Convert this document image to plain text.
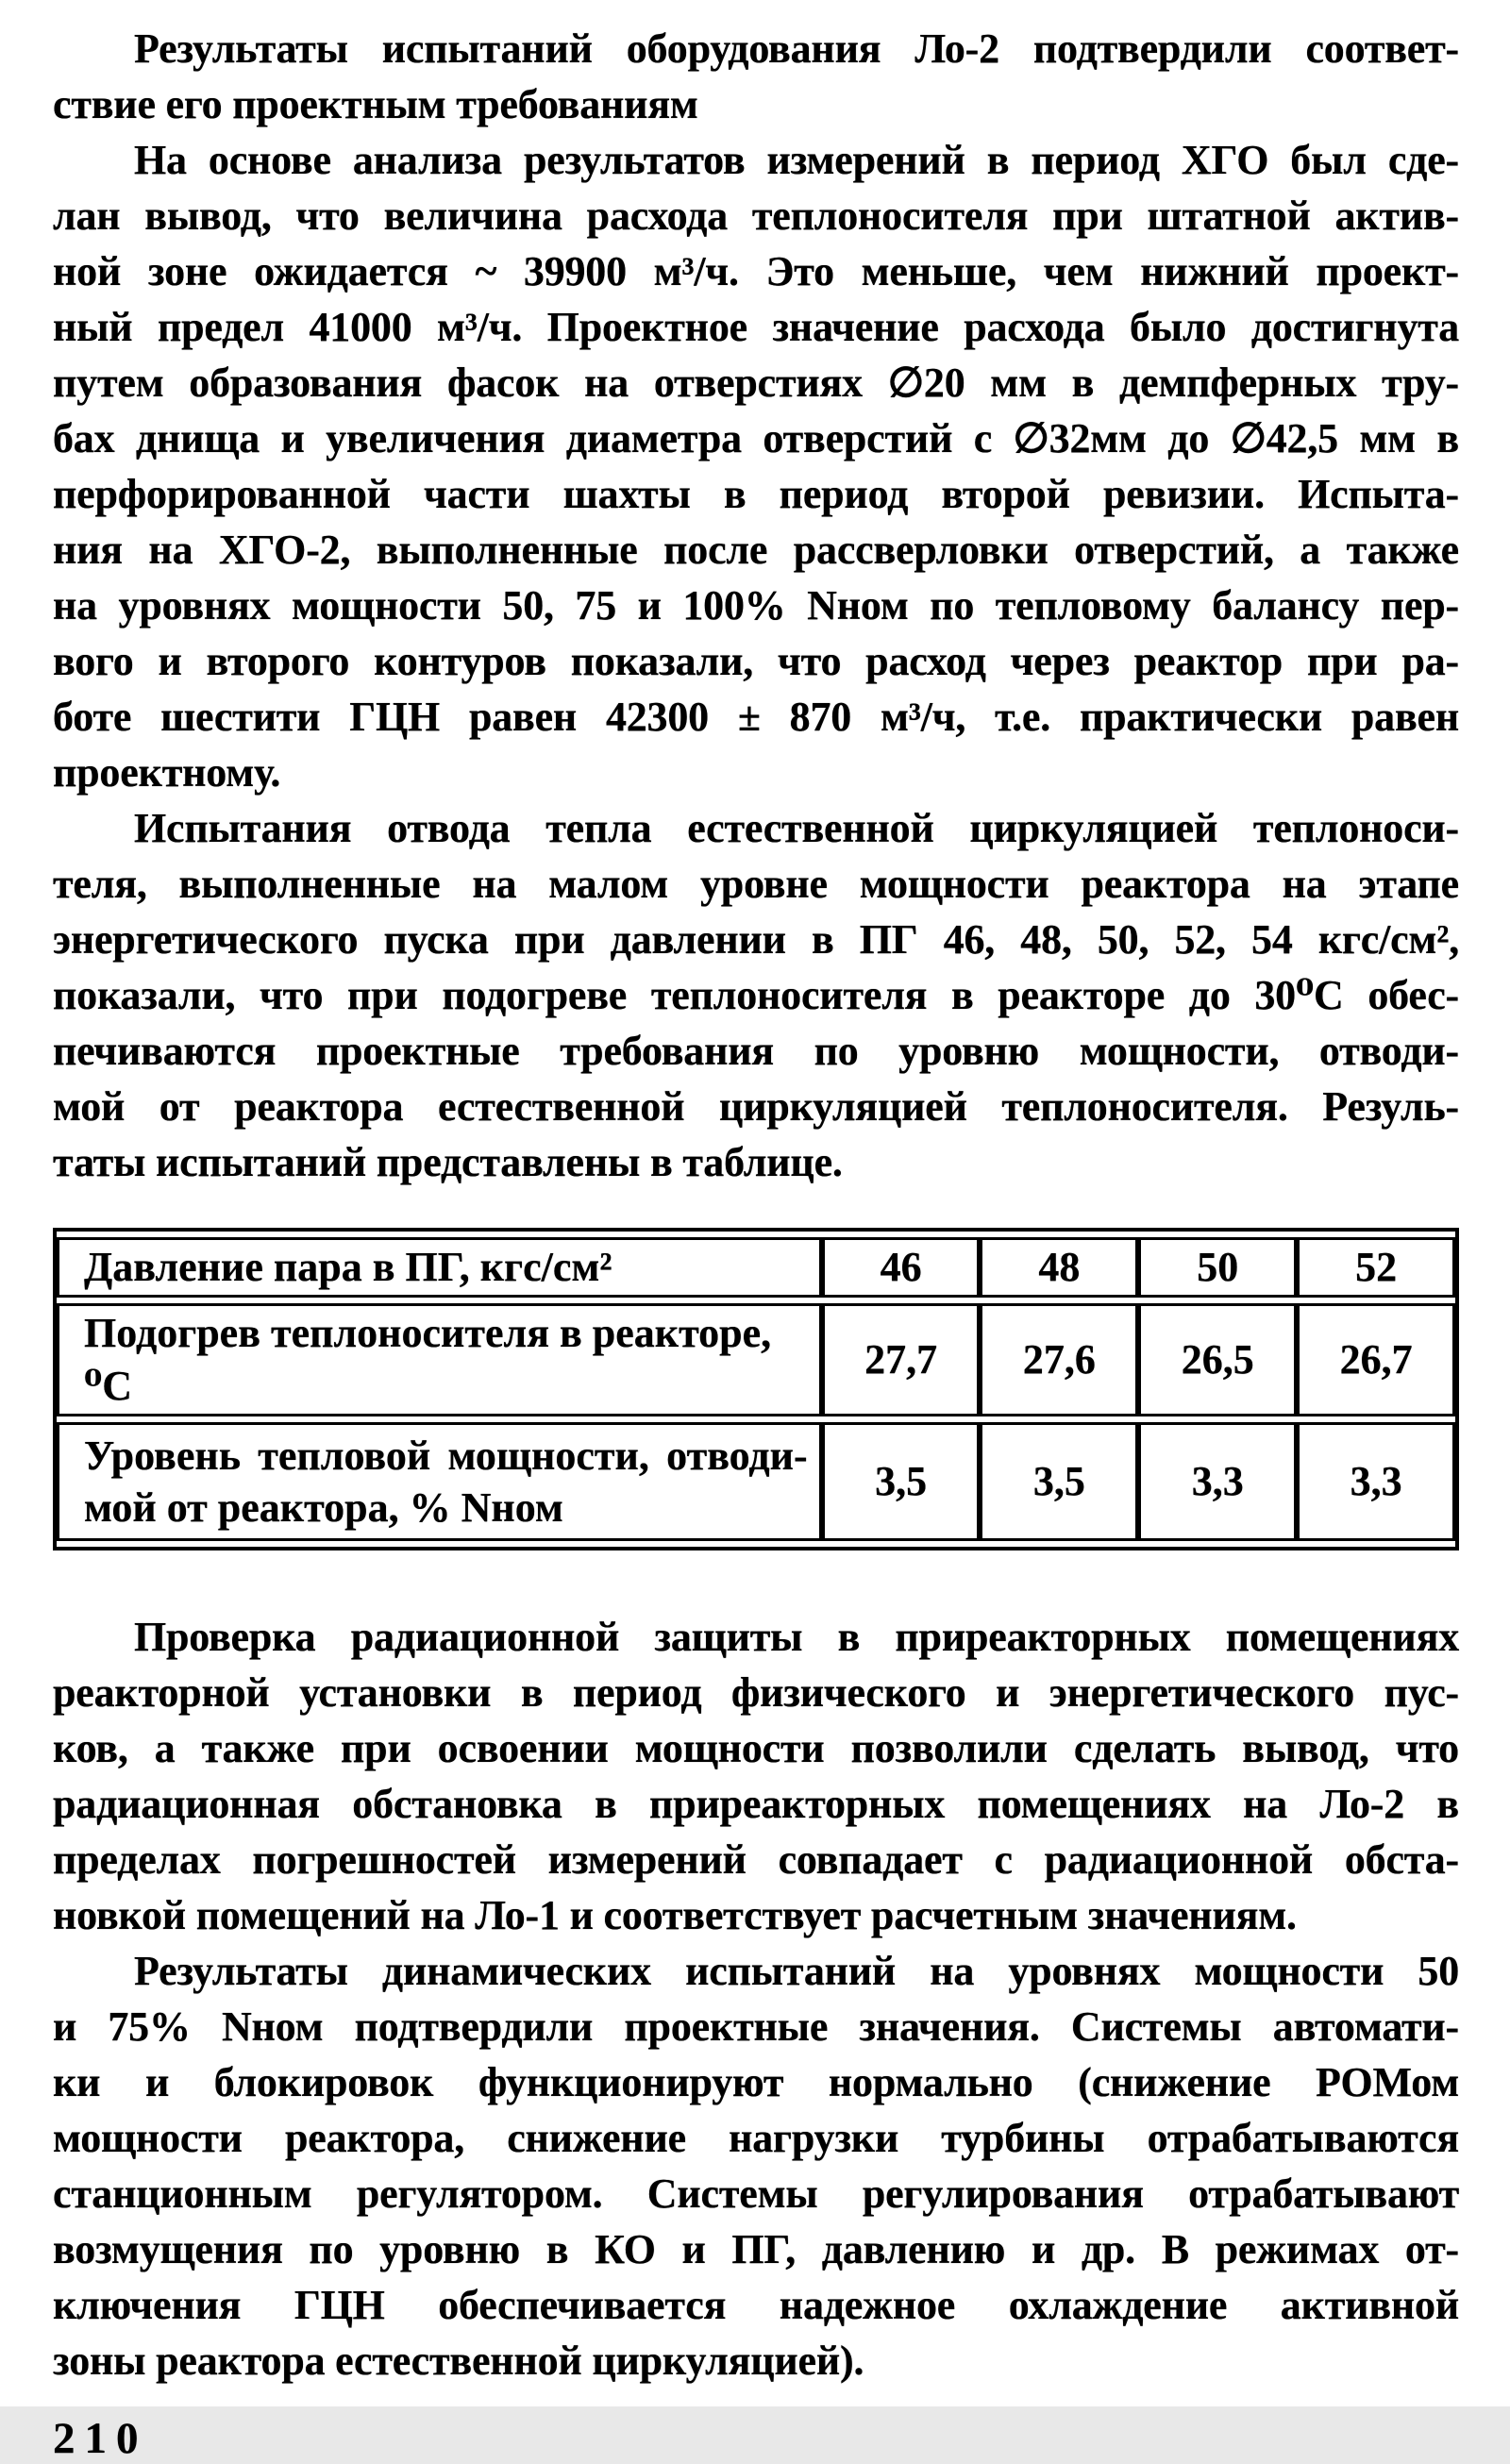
Результаты испытаний оборудования Ло-2 подтвердили соответ-
ствие его проектным требованиям
На основе анализа результатов измерений в период ХГО был сде-
лан вывод, что величина расхода теплоносителя при штатной актив-
ной зоне ожидается ~ 39900 м³/ч. Это меньше, чем нижний проект-
ный предел 41000 м³/ч. Проектное значение расхода было достигнута
путем образования фасок на отверстиях ∅20 мм в демпферных тру-
бах днища и увеличения диаметра отверстий с ∅32мм до ∅42,5 мм в
перфорированной части шахты в период второй ревизии. Испыта-
ния на ХГО-2, выполненные после рассверловки отверстий, а также
на уровнях мощности 50, 75 и 100% Nном по тепловому балансу пер-
вого и второго контуров показали, что расход через реактор при ра-
боте шестити ГЦН равен 42300 ± 870 м³/ч, т.е. практически равен
проектному.
Испытания отвода тепла естественной циркуляцией теплоноси-
теля, выполненные на малом уровне мощности реактора на этапе
энергетического пуска при давлении в ПГ 46, 48, 50, 52, 54 кгс/см²,
показали, что при подогреве теплоносителя в реакторе до 30⁰С обес-
печиваются проектные требования по уровню мощности, отводи-
мой от реактора естественной циркуляцией теплоносителя. Резуль-
таты испытаний представлены в таблице.
Давление пара в ПГ, кгс/см²	46	48	50	52
Подогрев теплоносителя в реакторе, ⁰С	27,7	27,6	26,5	26,7

Уровень тепловой мощности, отводи-
мой от реактора, % Nном	3,5	3,5	3,3	3,3
Проверка радиационной защиты в приреакторных помещениях
реакторной установки в период физического и энергетического пус-
ков, а также при освоении мощности позволили сделать вывод, что
радиационная обстановка в приреакторных помещениях на Ло-2 в
пределах погрешностей измерений совпадает с радиационной обста-
новкой помещений на Ло-1 и соответствует расчетным значениям.
Результаты динамических испытаний на уровнях мощности 50
и 75% Nном подтвердили проектные значения. Системы автомати-
ки и блокировок функционируют нормально (снижение РОМом
мощности реактора, снижение нагрузки турбины отрабатываются
станционным регулятором. Системы регулирования отрабатывают
возмущения по уровню в КО и ПГ, давлению и др. В режимах от-
ключения ГЦН обеспечивается надежное охлаждение активной
зоны реактора естественной циркуляцией).
210
